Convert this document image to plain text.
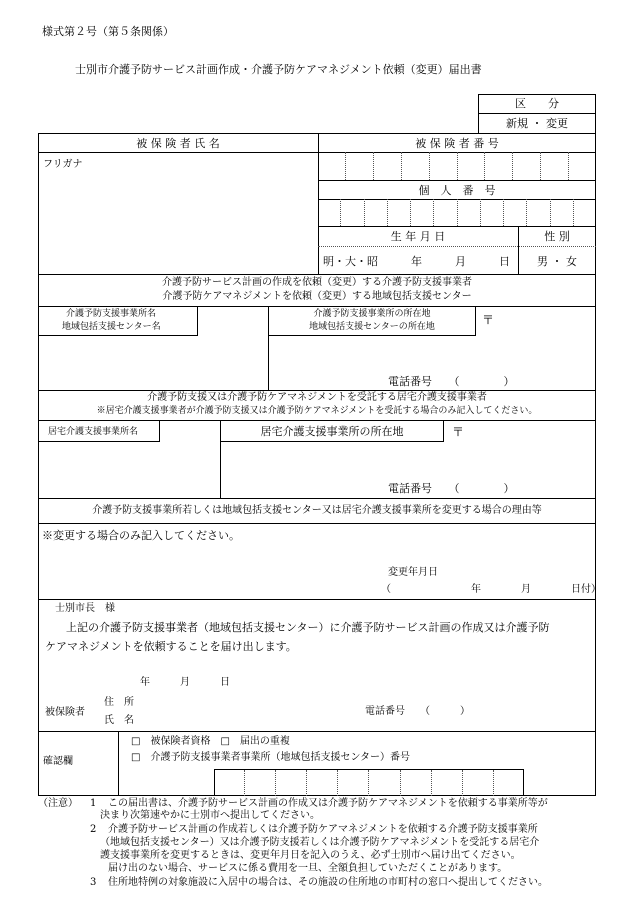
様式第２号（第５条関係）
士別市介護予防サービス計画作成・介護予防ケアマネジメント依頼（変更）届出書
区　　分
新規 ・ 変更
被 保 険 者 氏 名	被 保 険 者 番 号
フリガナ
個　人　番　号
生 年 月 日	性 別
明・大・昭　　　年　　　月　　　日	男 ・ 女
介護予防サービス計画の作成を依頼（変更）する介護予防支援事業者
介護予防ケアマネジメントを依頼（変更）する地域包括支援センター
介護予防支援事業所名
地域包括支援センター名
介護予防支援事業所の所在地
地域包括支援センターの所在地	〒
電話番号　　（　　　　）
介護予防支援又は介護予防ケアマネジメントを受託する居宅介護支援事業者
※居宅介護支援事業者が介護予防支援又は介護予防ケアマネジメントを受託する場合のみ記入してください。
居宅介護支援事業所名	居宅介護支援事業所の所在地	〒
電話番号　　（　　　　）
介護予防支援事業所若しくは地域包括支援センター又は居宅介護支援事業所を変更する場合の理由等
※変更する場合のみ記入してください。
変更年月日
（　　　　　　　　年　　　　月　　　　日付）
士別市長　様
上記の介護予防支援事業者（地域包括支援センター）に介護予防サービス計画の作成又は介護予防
ケアマネジメントを依頼することを届け出します。
年　　　月　　　日
被保険者
住　所
氏　名
電話番号　　（　　　）
確認欄
□　被保険者資格　□　届出の重複
□　介護予防支援事業者事業所（地域包括支援センター）番号
（注意） 1 この届出書は、介護予防サービス計画の作成又は介護予防ケアマネジメントを依頼する事業所等が
決まり次第速やかに士別市へ提出してください。
2 介護予防サービス計画の作成若しくは介護予防ケアマネジメントを依頼する介護予防支援事業所
（地域包括支援センター）又は介護予防支援若しくは介護予防ケアマネジメントを受託する居宅介
護支援事業所を変更するときは、変更年月日を記入のうえ、必ず士別市へ届け出てください。
届け出のない場合、サービスに係る費用を一旦、全額負担していただくことがあります。
3 住所地特例の対象施設に入居中の場合は、その施設の住所地の市町村の窓口へ提出してください。
